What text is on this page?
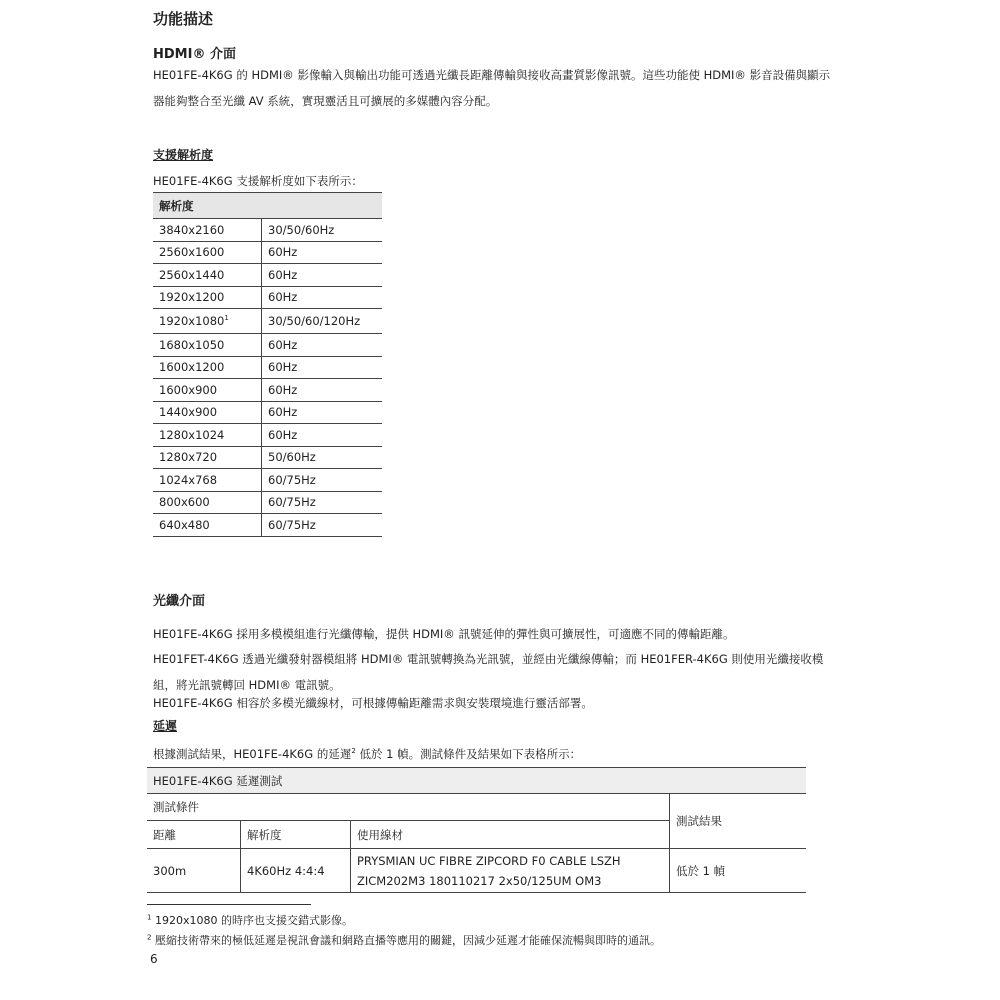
功能描述
HDMI® 介面
HE01FE-4K6G 的 HDMI® 影像輸入與輸出功能可透過光纖長距離傳輸與接收高畫質影像訊號。這些功能使 HDMI® 影音設備與顯示器能夠整合至光纖 AV 系統，實現靈活且可擴展的多媒體內容分配。
支援解析度
HE01FE-4K6G 支援解析度如下表所示：
解析度	
3840x2160	30/50/60Hz
2560x1600	60Hz
2560x1440	60Hz
1920x1200	60Hz
1920x1080$^1$	30/50/60/120Hz
1680x1050	60Hz
1600x1200	60Hz
1600x900	60Hz
1440x900	60Hz
1280x1024	60Hz
1280x720	50/60Hz
1024x768	60/75Hz
800x600	60/75Hz
640x480	60/75Hz
光纖介面
HE01FE-4K6G 採用多模模組進行光纖傳輸，提供 HDMI® 訊號延伸的彈性與可擴展性，可適應不同的傳輸距離。
HE01FET-4K6G 透過光纖發射器模組將 HDMI® 電訊號轉換為光訊號，並經由光纖線傳輸；而 HE01FER-4K6G 則使用光纖接收模組，將光訊號轉回 HDMI® 電訊號。
HE01FE-4K6G 相容於多模光纖線材，可根據傳輸距離需求與安裝環境進行靈活部署。
延遲
根據測試結果，HE01FE-4K6G 的延遲$^2$ 低於 1 幀。測試條件及結果如下表格所示：
HE01FE-4K6G 延遲測試			
測試條件			測試結果
距離	解析度	使用線材	
300m	4K60Hz 4:4:4	PRYSMIAN UC FIBRE ZIPCORD F0 CABLE LSZH
ZICM202M3 180110217 2x50/125UM OM3	低於 1 幀
$^1$ 1920x1080 的時序也支援交錯式影像。
$^2$ 壓縮技術帶來的極低延遲是視訊會議和網路直播等應用的關鍵，因減少延遲才能確保流暢與即時的通訊。
6
